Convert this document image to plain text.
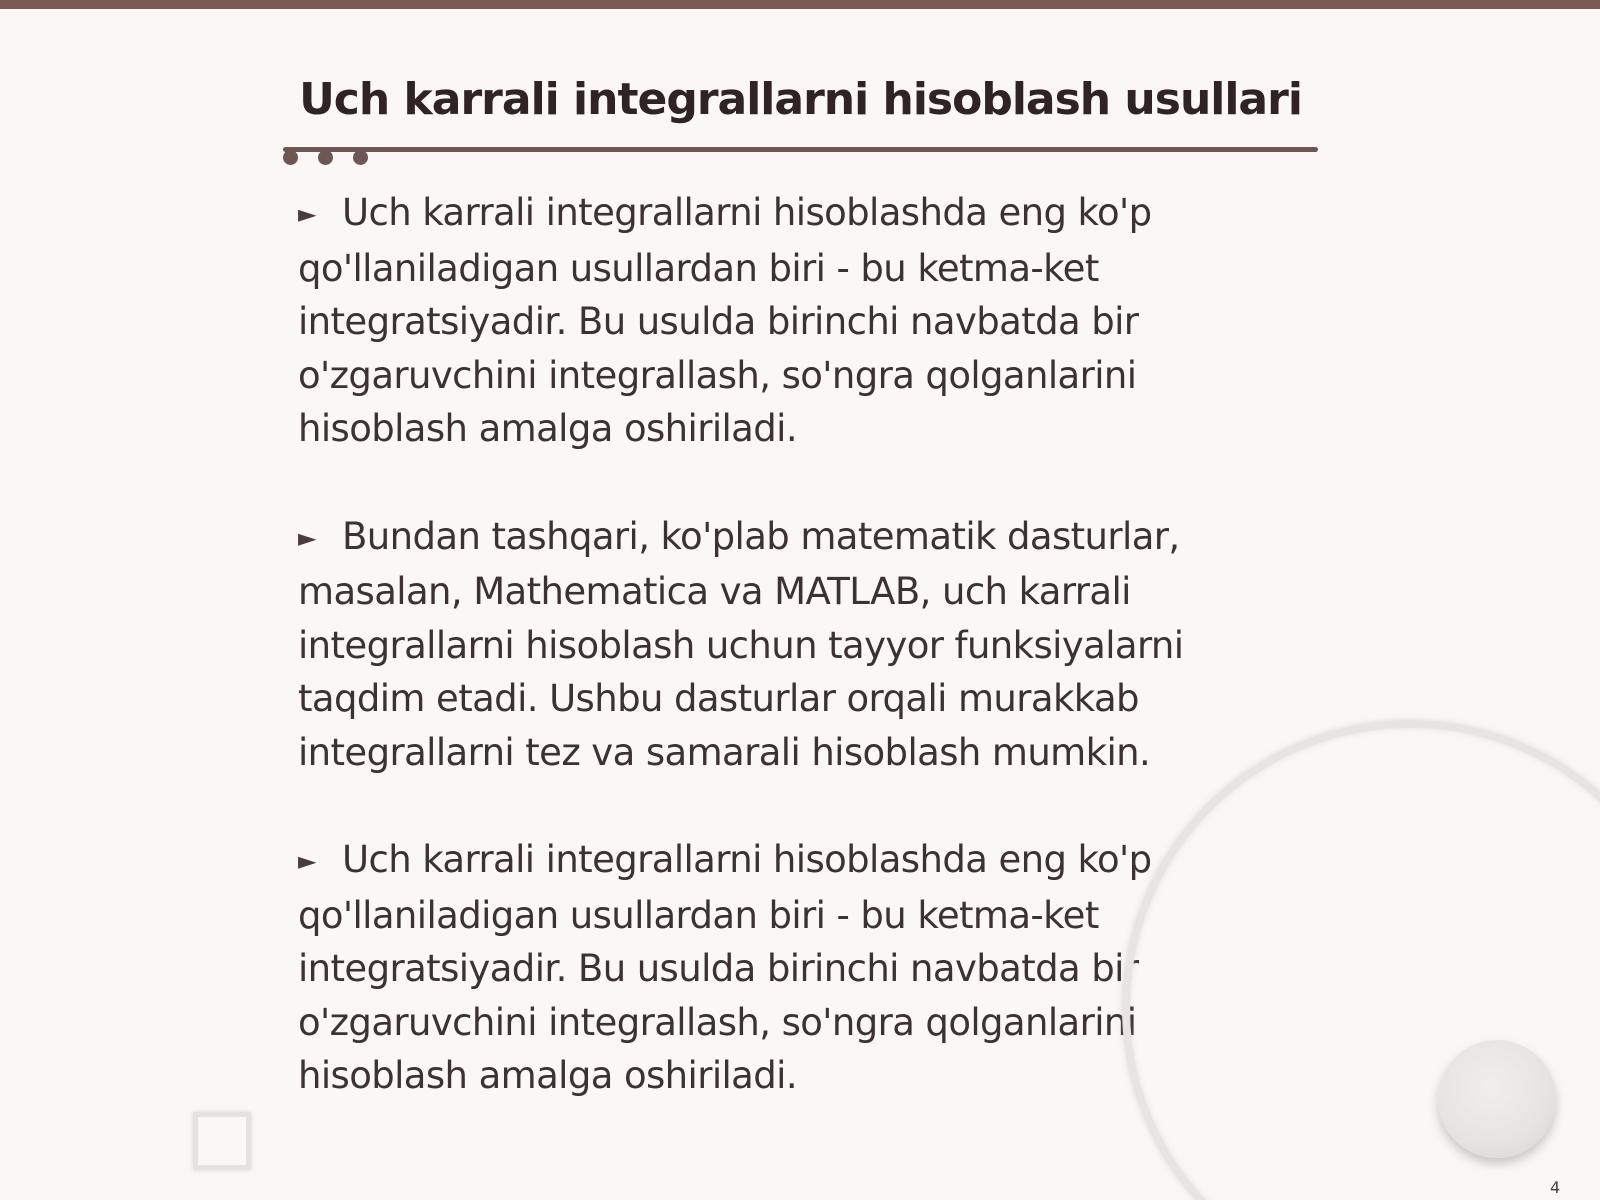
Uch karrali integrallarni hisoblash usullari

► Uch karrali integrallarni hisoblashda eng ko'p qo'llaniladigan usullardan biri - bu ketma-ket integratsiyadir. Bu usulda birinchi navbatda bir o'zgaruvchini integrallash, so'ngra qolganlarini hisoblash amalga oshiriladi.

► Bundan tashqari, ko'plab matematik dasturlar, masalan, Mathematica va MATLAB, uch karrali integrallarni hisoblash uchun tayyor funksiyalarni taqdim etadi. Ushbu dasturlar orqali murakkab integrallarni tez va samarali hisoblash mumkin.

► Uch karrali integrallarni hisoblashda eng ko'p qo'llaniladigan usullardan biri - bu ketma-ket integratsiyadir. Bu usulda birinchi navbatda bir o'zgaruvchini integrallash, so'ngra qolganlarini hisoblash amalga oshiriladi.

4
